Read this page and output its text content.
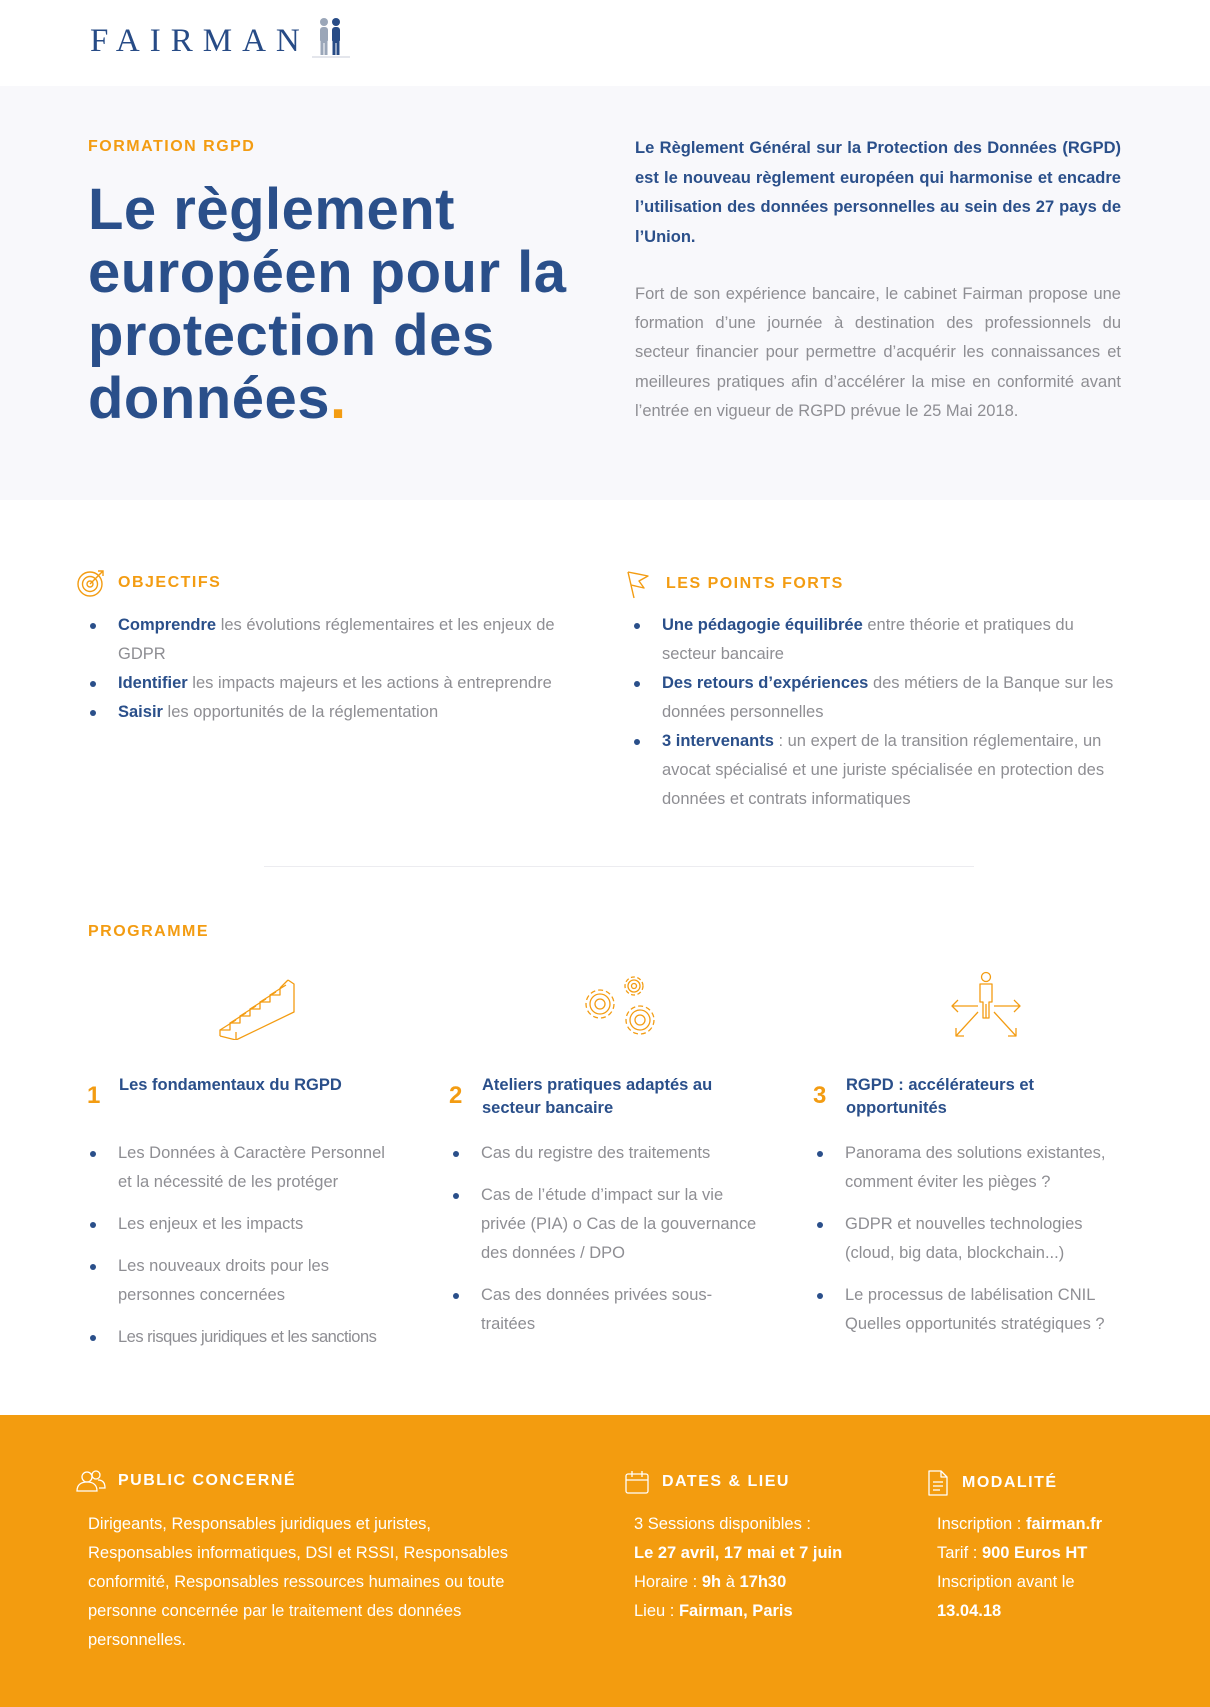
FAIRMAN
FORMATION RGPD
Le règlement européen pour la protection des données.

Le Règlement Général sur la Protection des Données (RGPD) est le nouveau règlement européen qui harmonise et encadre l’utilisation des données personnelles au sein des 27 pays de l’Union.

Fort de son expérience bancaire, le cabinet Fairman propose une formation d’une journée à destination des professionnels du secteur financier pour permettre d’acquérir les connaissances et meilleures pratiques afin d’accélérer la mise en conformité avant l’entrée en vigueur de RGPD prévue le 25 Mai 2018.

OBJECTIFS
Comprendre les évolutions réglementaires et les enjeux de GDPR
Identifier les impacts majeurs et les actions à entreprendre
Saisir les opportunités de la réglementation
LES POINTS FORTS
Une pédagogie équilibrée entre théorie et pratiques du secteur bancaire
Des retours d’expériences des métiers de la Banque sur les données personnelles
3 intervenants : un expert de la transition réglementaire, un avocat spécialisé et une juriste spécialisée en protection des données et contrats informatiques
PROGRAMME
1 Les fondamentaux du RGPD
Les Données à Caractère Personnel et la nécessité de les protéger
Les enjeux et les impacts
Les nouveaux droits pour les personnes concernées
Les risques juridiques et les sanctions
2 Ateliers pratiques adaptés au secteur bancaire
Cas du registre des traitements
Cas de l’étude d’impact sur la vie privée (PIA) o Cas de la gouvernance des données / DPO
Cas des données privées sous-traitées
3 RGPD : accélérateurs et opportunités
Panorama des solutions existantes, comment éviter les pièges ?
GDPR et nouvelles technologies (cloud, big data, blockchain...)
Le processus de labélisation CNIL Quelles opportunités stratégiques ?
PUBLIC CONCERNÉ

Dirigeants, Responsables juridiques et juristes, Responsables informatiques, DSI et RSSI, Responsables conformité, Responsables ressources humaines ou toute personne concernée par le traitement des données personnelles.

DATES & LIEU
3 Sessions disponibles :
Le 27 avril, 17 mai et 7 juin
Horaire : 9h à 17h30
Lieu : Fairman, Paris
MODALITÉ
Inscription : fairman.fr
Tarif : 900 Euros HT
Inscription avant le
13.04.18
